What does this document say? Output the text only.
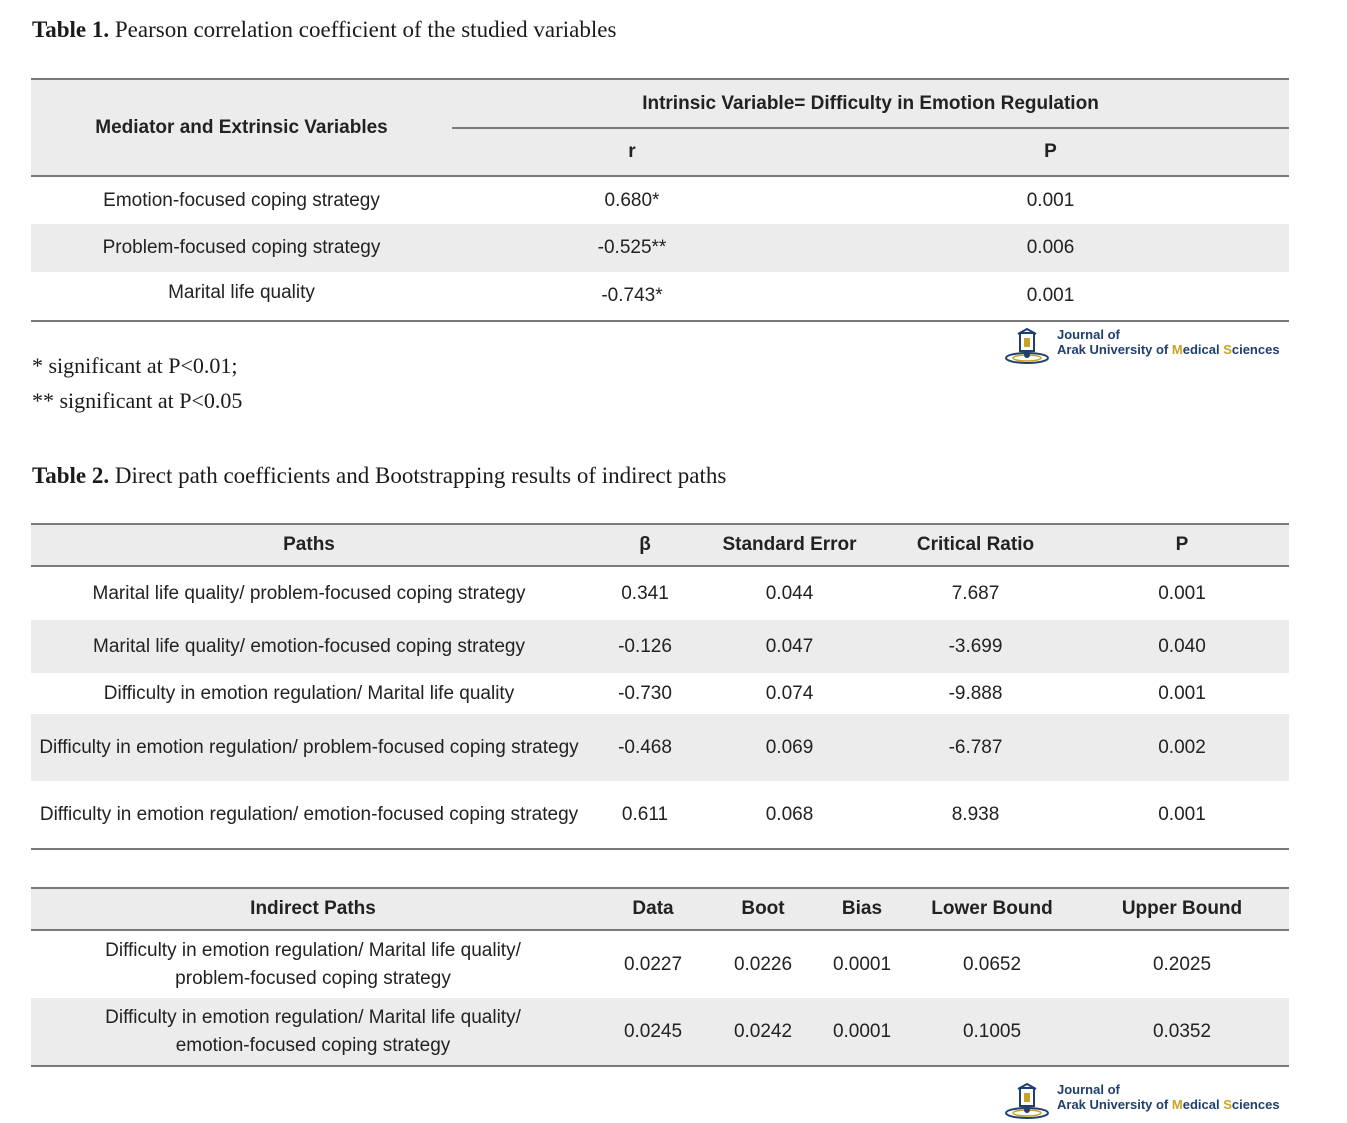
Table 1. Pearson correlation coefficient of the studied variables
Mediator and Extrinsic Variables	Intrinsic Variable= Difficulty in Emotion Regulation	
	r	P
Emotion-focused coping strategy	0.680*	0.001
Problem-focused coping strategy	-0.525**	0.006
Marital life quality	-0.743*	0.001
* significant at P<0.01;
** significant at P<0.05
Journal of
Arak University of Medical Sciences
Table 2. Direct path coefficients and Bootstrapping results of indirect paths
Paths	β	Standard Error	Critical Ratio	P
Marital life quality/ problem-focused coping strategy	0.341	0.044	7.687	0.001
Marital life quality/ emotion-focused coping strategy	-0.126	0.047	-3.699	0.040
Difficulty in emotion regulation/ Marital life quality	-0.730	0.074	-9.888	0.001
Difficulty in emotion regulation/ problem-focused coping strategy	-0.468	0.069	-6.787	0.002
Difficulty in emotion regulation/ emotion-focused coping strategy	0.611	0.068	8.938	0.001
Indirect Paths	Data	Boot	Bias	Lower Bound	Upper Bound
Difficulty in emotion regulation/ Marital life quality/ problem-focused coping strategy	0.0227	0.0226	0.0001	0.0652	0.2025
Difficulty in emotion regulation/ Marital life quality/ emotion-focused coping strategy	0.0245	0.0242	0.0001	0.1005	0.0352
Journal of
Arak University of Medical Sciences
